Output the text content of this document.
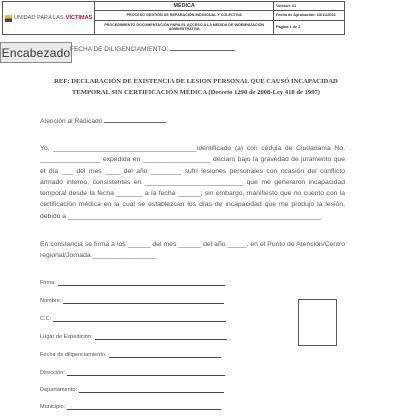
UNIDAD PARA LAS VÍCTIMAS	MÉDICA	Versión: 01
	PROCESO GESTIÓN DE REPARACIÓN INDIVIDUAL Y COLECTIVA	Fecha de Aprobación: 03/11/2016
	PROCEDIMIENTO DOCUMENTACIÓN PARA EL ACCESO A LA MEDIDA DE INDEMNIZACIÓN ADMINISTRATIVA	Página 1 de 2
Encabezado FECHA DE DILIGENCIAMIENTO:
REF: DECLARACIÓN DE EXISTENCIA DE LESION PERSONAL QUE CAUSÓ INCAPACIDAD
TEMPORAL SIN CERTIFICACIÓN MÉDICA (Decreto 1290 de 2008-Ley 418 de 1997)
Atención al Radicado
Yo, ______________________________________identificado (a) con cédula de Ciudadanía No. ________________ expedida en __________________ declaro bajo la gravedad de juramento que el día ___ del mes ____ del año ________ sufrí lesiones personales con ocasión del conflicto armado interno, consistentes en __________________________ que me generaron incapacidad temporal desde la fecha _______ a la fecha ______; sin embargo, manifiesto que no cuento con la certificación médica en la cual se establezcan los días de incapacidad que me produjo la lesión, debido a ___________________________________________________________________
En constancia se firma a los ______ del mes ______ del año _____, en el Punto de Atención/Centro regional/Jornada _________________
Firma:
Nombre:
C.C:
Lugar de Expedición:
Fecha de diligenciamiento:
Dirección:
Departamento:
Municipio:
